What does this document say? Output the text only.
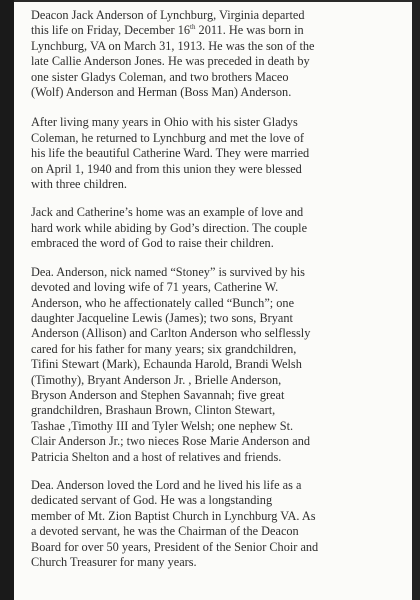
Deacon Jack Anderson of Lynchburg, Virginia departed
this life on Friday, December 16th 2011. He was born in
Lynchburg, VA on March 31, 1913. He was the son of the
late Callie Anderson Jones. He was preceded in death by
one sister Gladys Coleman, and two brothers Maceo
(Wolf) Anderson and Herman (Boss Man) Anderson.

After living many years in Ohio with his sister Gladys
Coleman, he returned to Lynchburg and met the love of
his life the beautiful Catherine Ward. They were married
on April 1, 1940 and from this union they were blessed
with three children.

Jack and Catherine’s home was an example of love and
hard work while abiding by God’s direction. The couple
embraced the word of God to raise their children.

Dea. Anderson, nick named “Stoney” is survived by his
devoted and loving wife of 71 years, Catherine W.
Anderson, who he affectionately called “Bunch”; one
daughter Jacqueline Lewis (James); two sons, Bryant
Anderson (Allison) and Carlton Anderson who selflessly
cared for his father for many years; six grandchildren,
Tifini Stewart (Mark), Echaunda Harold, Brandi Welsh
(Timothy), Bryant Anderson Jr. , Brielle Anderson,
Bryson Anderson and Stephen Savannah; five great
grandchildren, Brashaun Brown, Clinton Stewart,
Tashae ,Timothy III and Tyler Welsh; one nephew St.
Clair Anderson Jr.; two nieces Rose Marie Anderson and
Patricia Shelton and a host of relatives and friends.

Dea. Anderson loved the Lord and he lived his life as a
dedicated servant of God. He was a longstanding
member of Mt. Zion Baptist Church in Lynchburg VA. As
a devoted servant, he was the Chairman of the Deacon
Board for over 50 years, President of the Senior Choir and
Church Treasurer for many years.
